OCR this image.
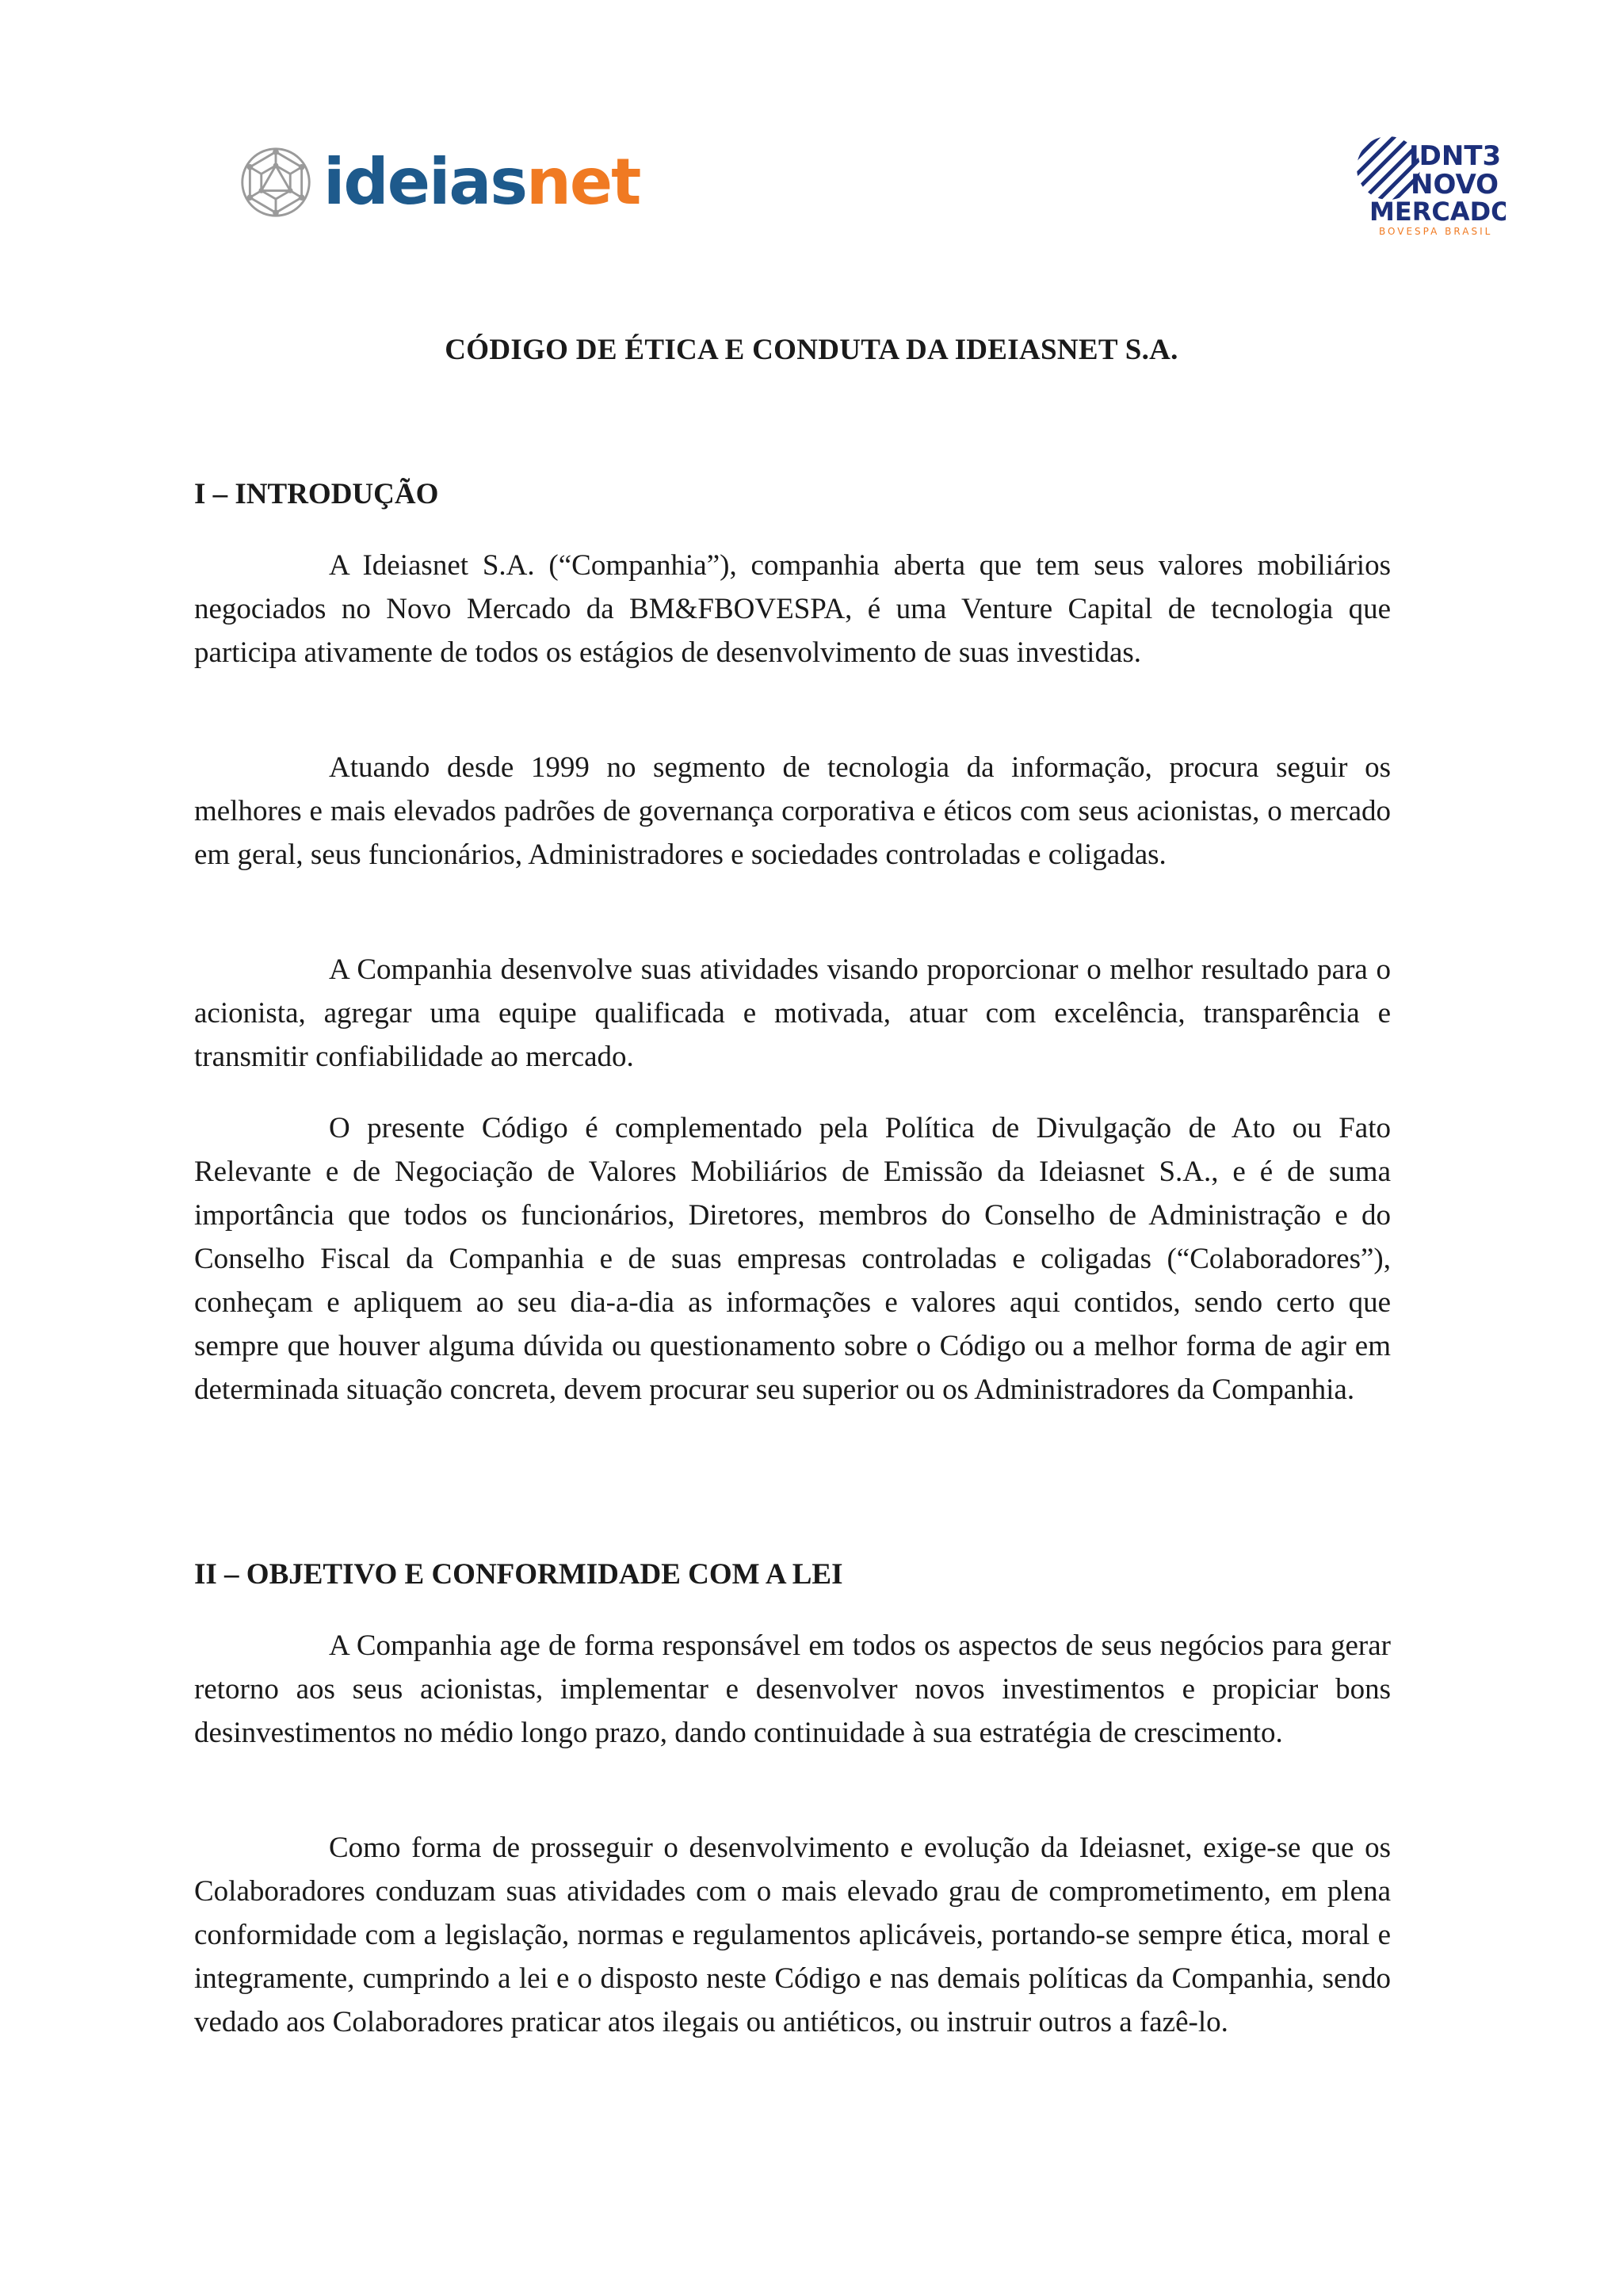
ideiasnet	IDNT3
NOVO
MERCADO
BOVESPA BRASIL
CÓDIGO DE ÉTICA E CONDUTA DA IDEIASNET S.A.
I – INTRODUÇÃO

A Ideiasnet S.A. (“Companhia”), companhia aberta que tem seus valores mobiliários negociados no Novo Mercado da BM&FBOVESPA, é uma Venture Capital de tecnologia que participa ativamente de todos os estágios de desenvolvimento de suas investidas.

Atuando desde 1999 no segmento de tecnologia da informação, procura seguir os melhores e mais elevados padrões de governança corporativa e éticos com seus acionistas, o mercado em geral, seus funcionários, Administradores e sociedades controladas e coligadas.

A Companhia desenvolve suas atividades visando proporcionar o melhor resultado para o acionista, agregar uma equipe qualificada e motivada, atuar com excelência, transparência e transmitir confiabilidade ao mercado.

O presente Código é complementado pela Política de Divulgação de Ato ou Fato Relevante e de Negociação de Valores Mobiliários de Emissão da Ideiasnet S.A., e é de suma importância que todos os funcionários, Diretores, membros do Conselho de Administração e do Conselho Fiscal da Companhia e de suas empresas controladas e coligadas (“Colaboradores”), conheçam e apliquem ao seu dia-a-dia as informações e valores aqui contidos, sendo certo que sempre que houver alguma dúvida ou questionamento sobre o Código ou a melhor forma de agir em determinada situação concreta, devem procurar seu superior ou os Administradores da Companhia.

II – OBJETIVO E CONFORMIDADE COM A LEI

A Companhia age de forma responsável em todos os aspectos de seus negócios para gerar retorno aos seus acionistas, implementar e desenvolver novos investimentos e propiciar bons desinvestimentos no médio longo prazo, dando continuidade à sua estratégia de crescimento.

Como forma de prosseguir o desenvolvimento e evolução da Ideiasnet, exige-se que os Colaboradores conduzam suas atividades com o mais elevado grau de comprometimento, em plena conformidade com a legislação, normas e regulamentos aplicáveis, portando-se sempre ética, moral e integramente, cumprindo a lei e o disposto neste Código e nas demais políticas da Companhia, sendo vedado aos Colaboradores praticar atos ilegais ou antiéticos, ou instruir outros a fazê-lo.
